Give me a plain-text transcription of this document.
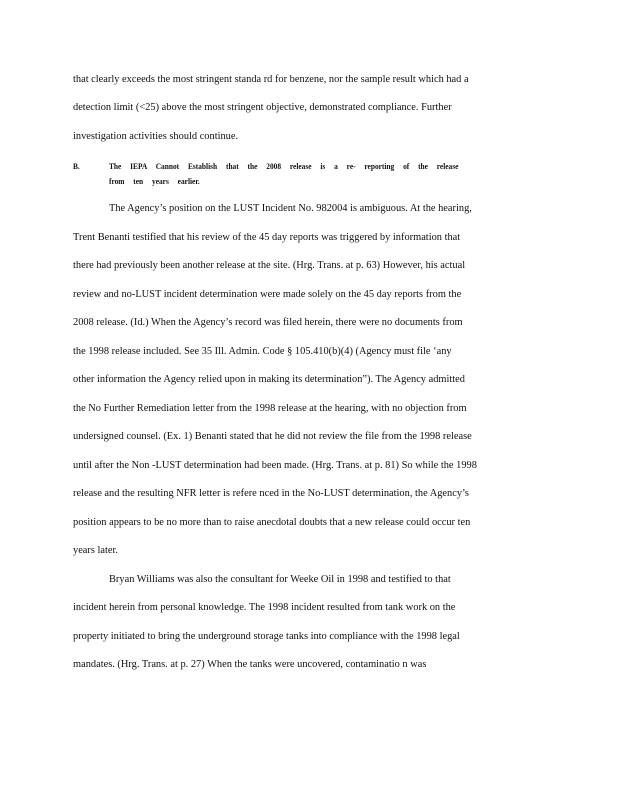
that clearly exceeds the most stringent standa rd for benzene, nor the sample result which had a
detection limit (<25) above the most stringent objective, demonstrated compliance. Further
investigation activities should continue.
B.	The IEPA Cannot Establish that the 2008 release is a re- reporting of the release
from ten years earlier.
The Agency’s position on the LUST Incident No. 982004 is ambiguous. At the hearing,
Trent Benanti testified that his review of the 45 day reports was triggered by information that
there had previously been another release at the site. (Hrg. Trans. at p. 63) However, his actual
review and no-LUST incident determination were made solely on the 45 day reports from the
2008 release. (Id.) When the Agency’s record was filed herein, there were no documents from
the 1998 release included. See 35 Ill. Admin. Code § 105.410(b)(4) (Agency must file ‘any
other information the Agency relied upon in making its determination”). The Agency admitted
the No Further Remediation letter from the 1998 release at the hearing, with no objection from
undersigned counsel. (Ex. 1) Benanti stated that he did not review the file from the 1998 release
until after the Non -LUST determination had been made. (Hrg. Trans. at p. 81) So while the 1998
release and the resulting NFR letter is refere nced in the No-LUST determination, the Agency’s
position appears to be no more than to raise anecdotal doubts that a new release could occur ten
years later.
Bryan Williams was also the consultant for Weeke Oil in 1998 and testified to that
incident herein from personal knowledge. The 1998 incident resulted from tank work on the
property initiated to bring the underground storage tanks into compliance with the 1998 legal
mandates. (Hrg. Trans. at p. 27) When the tanks were uncovered, contaminatio n was
